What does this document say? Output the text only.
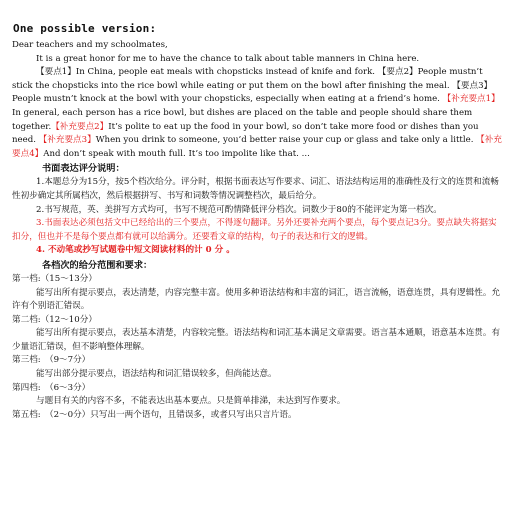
One possible version:

Dear teachers and my schoolmates,

It is a great honor for me to have the chance to talk about table manners in China here.

【要点1】In China, people eat meals with chopsticks instead of knife and fork. 【要点2】People mustn’t stick the chopsticks into the rice bowl while eating or put them on the bowl after finishing the meal. 【要点3】People mustn’t knock at the bowl with your chopsticks, especially when eating at a friend’s home. 【补充要点1】In general, each person has a rice bowl, but dishes are placed on the table and people should share them together.【补充要点2】It’s polite to eat up the food in your bowl, so don’t take more food or dishes than you need. 【补充要点3】When you drink to someone, you’d better raise your cup or glass and take only a little. 【补充要点4】And don’t speak with mouth full. It’s too impolite like that. ...

书面表达评分说明：

1.本题总分为15分，按5个档次给分。评分时，根据书面表达写作要求、词汇、语法结构运用的准确性及行文的连贯和流畅性初步确定其所属档次，然后根据拼写、书写和词数等情况调整档次，最后给分。

2.书写规范，英、美拼写方式均可，书写不规范可酌情降低评分档次。词数少于80的不能评定为第一档次。

3.书面表达必须包括文中已经给出的三个要点，不得逐句翻译。另外还要补充两个要点，每个要点记3分。要点缺失将据实扣分，但也并不是每个要点都有就可以给满分。还要看文章的结构，句子的表达和行文的逻辑。

4. 不动笔或抄写试题卷中短文阅读材料的计 0 分 。

各档次的给分范围和要求：

第一档:（15～13分）

能写出所有提示要点，表达清楚，内容完整丰富。使用多种语法结构和丰富的词汇，语言流畅，语意连贯，具有逻辑性。允许有个别语汇错误。

第二档:（12～10分）

能写出所有提示要点，表达基本清楚，内容较完整。语法结构和词汇基本满足文章需要。语言基本通顺，语意基本连贯。有少量语汇错误，但不影响整体理解。

第三档:　（9～7分）

能写出部分提示要点，语法结构和词汇错误较多，但尚能达意。

第四档:　（6～3分）

与题目有关的内容不多，不能表达出基本要点。只是简单排涕，未达到写作要求。

第五档:　（2～0分）只写出一两个语句，且错误多，或者只写出只言片语。
